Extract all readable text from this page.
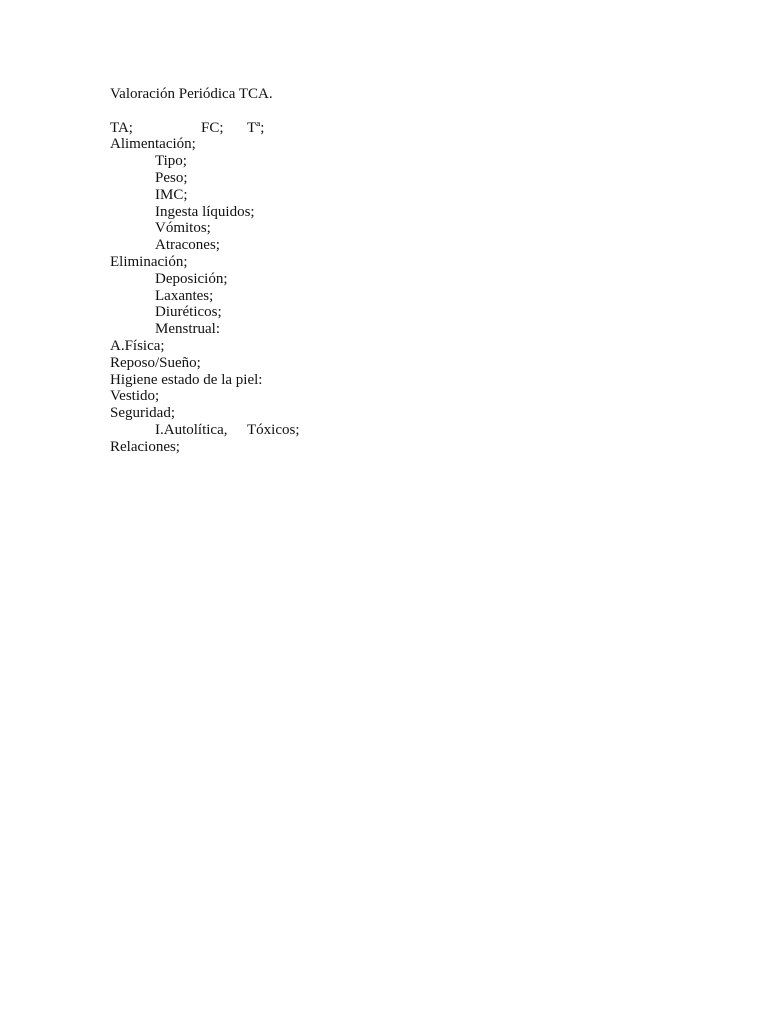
Valoración Periódica TCA.

TA;

	FC;

Tª;

Alimentación;
Tipo;
Peso;
IMC;
Ingesta líquidos;
Vómitos;
Atracones;
Eliminación;
Deposición;
Laxantes;
Diuréticos;
Menstrual:
A.Física;
Reposo/Sueño;
Higiene estado de la piel:
Vestido;
Seguridad;

I.Autolítica,

Tóxicos;

Relaciones;
